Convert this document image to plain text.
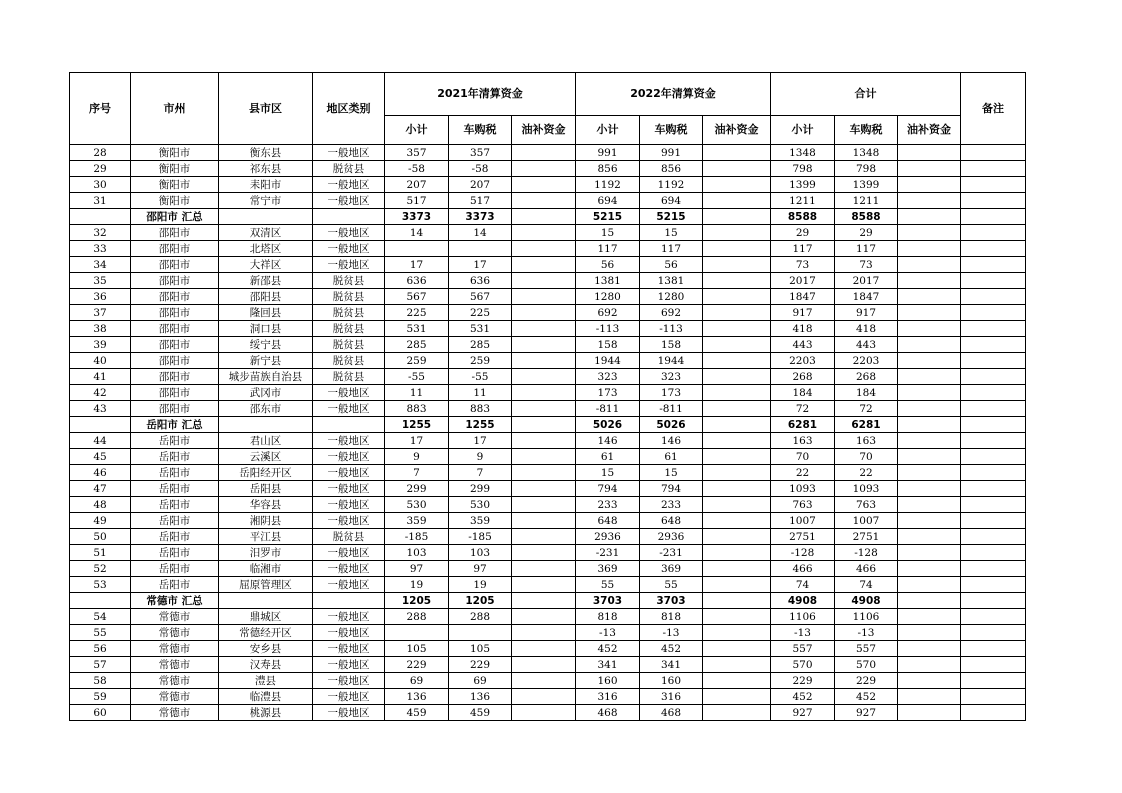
序号	市州	县市区	地区类别	2021年清算资金			2022年清算资金			合计			备注
				小计	车购税	油补资金	小计	车购税	油补资金	小计	车购税	油补资金	
28	衡阳市	衡东县	一般地区	357	357		991	991		1348	1348		
29	衡阳市	祁东县	脱贫县	-58	-58		856	856		798	798		
30	衡阳市	耒阳市	一般地区	207	207		1192	1192		1399	1399		
31	衡阳市	常宁市	一般地区	517	517		694	694		1211	1211		
	邵阳市 汇总			3373	3373		5215	5215		8588	8588		
32	邵阳市	双清区	一般地区	14	14		15	15		29	29		
33	邵阳市	北塔区	一般地区				117	117		117	117		
34	邵阳市	大祥区	一般地区	17	17		56	56		73	73		
35	邵阳市	新邵县	脱贫县	636	636		1381	1381		2017	2017		
36	邵阳市	邵阳县	脱贫县	567	567		1280	1280		1847	1847		
37	邵阳市	隆回县	脱贫县	225	225		692	692		917	917		
38	邵阳市	洞口县	脱贫县	531	531		-113	-113		418	418		
39	邵阳市	绥宁县	脱贫县	285	285		158	158		443	443		
40	邵阳市	新宁县	脱贫县	259	259		1944	1944		2203	2203		
41	邵阳市	城步苗族自治县	脱贫县	-55	-55		323	323		268	268		
42	邵阳市	武冈市	一般地区	11	11		173	173		184	184		
43	邵阳市	邵东市	一般地区	883	883		-811	-811		72	72		
	岳阳市 汇总			1255	1255		5026	5026		6281	6281		
44	岳阳市	君山区	一般地区	17	17		146	146		163	163		
45	岳阳市	云溪区	一般地区	9	9		61	61		70	70		
46	岳阳市	岳阳经开区	一般地区	7	7		15	15		22	22		
47	岳阳市	岳阳县	一般地区	299	299		794	794		1093	1093		
48	岳阳市	华容县	一般地区	530	530		233	233		763	763		
49	岳阳市	湘阴县	一般地区	359	359		648	648		1007	1007		
50	岳阳市	平江县	脱贫县	-185	-185		2936	2936		2751	2751		
51	岳阳市	汨罗市	一般地区	103	103		-231	-231		-128	-128		
52	岳阳市	临湘市	一般地区	97	97		369	369		466	466		
53	岳阳市	屈原管理区	一般地区	19	19		55	55		74	74		
	常德市 汇总			1205	1205		3703	3703		4908	4908		
54	常德市	鼎城区	一般地区	288	288		818	818		1106	1106		
55	常德市	常德经开区	一般地区				-13	-13		-13	-13		
56	常德市	安乡县	一般地区	105	105		452	452		557	557		
57	常德市	汉寿县	一般地区	229	229		341	341		570	570		
58	常德市	澧县	一般地区	69	69		160	160		229	229		
59	常德市	临澧县	一般地区	136	136		316	316		452	452		
60	常德市	桃源县	一般地区	459	459		468	468		927	927		
